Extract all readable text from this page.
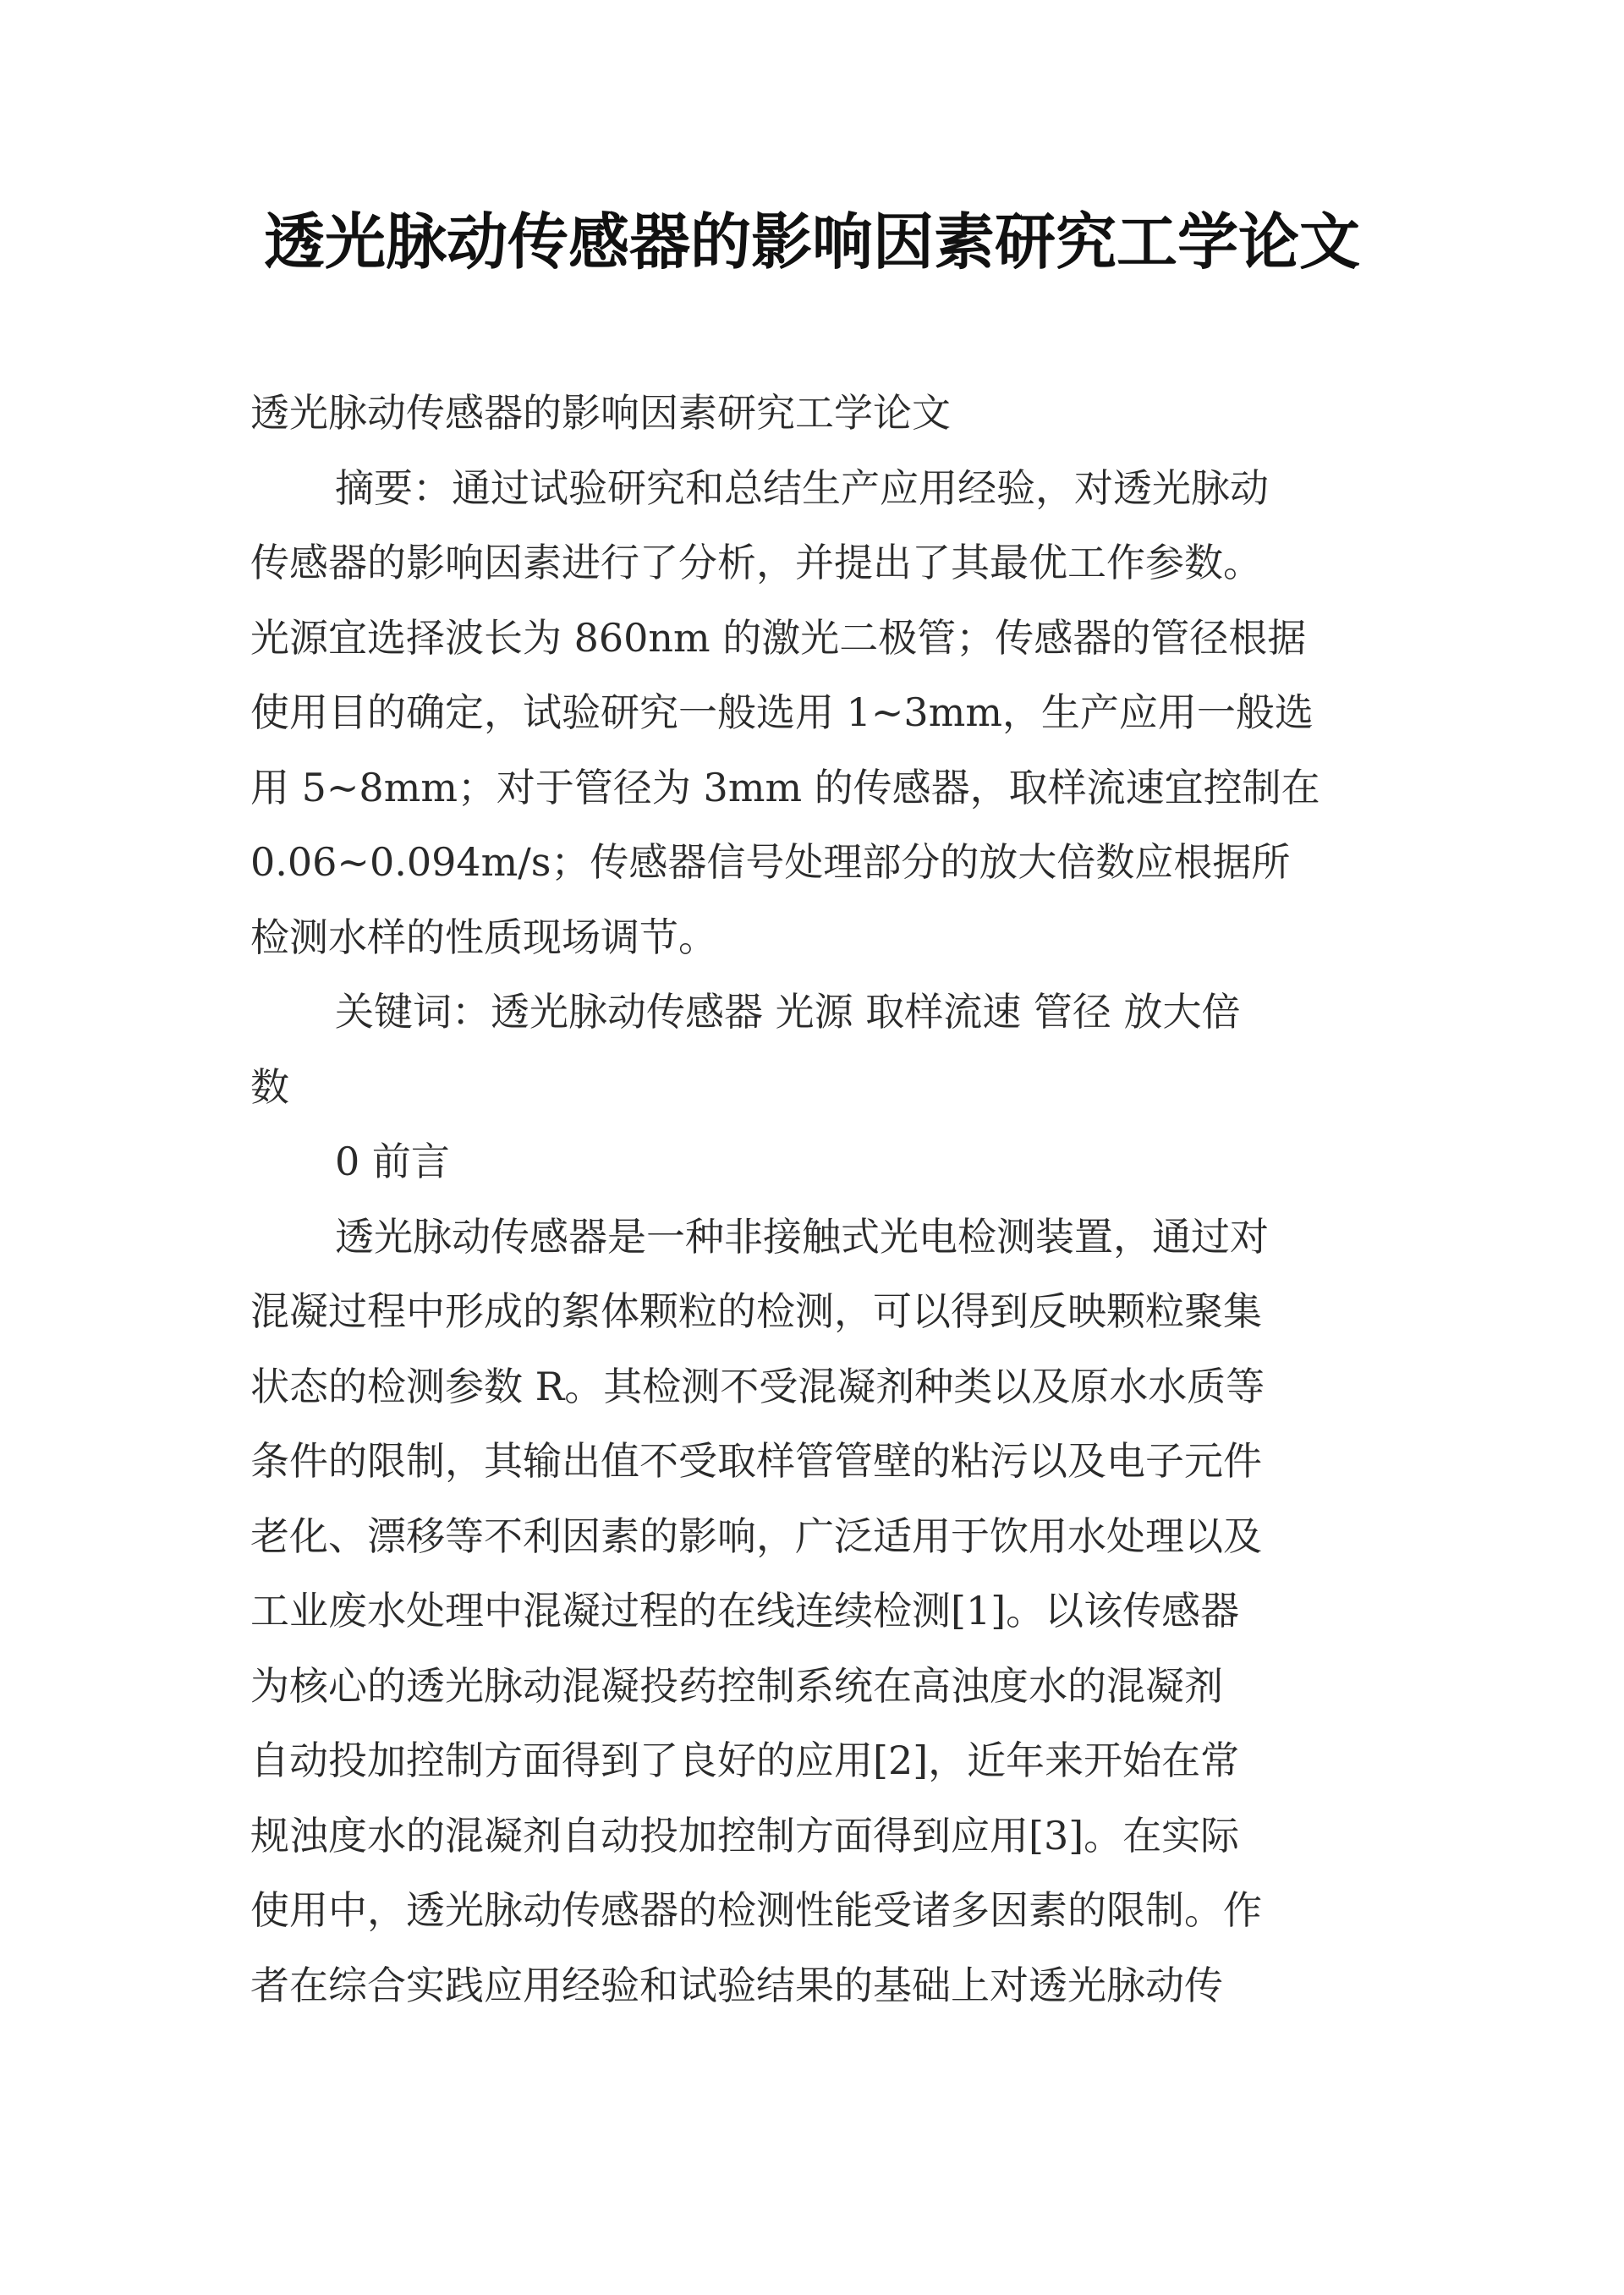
透光脉动传感器的影响因素研究工学论文
透光脉动传感器的影响因素研究工学论文
摘要：通过试验研究和总结生产应用经验，对透光脉动
传感器的影响因素进行了分析，并提出了其最优工作参数。
光源宜选择波长为 860nm 的激光二极管；传感器的管径根据
使用目的确定，试验研究一般选用 1~3mm，生产应用一般选
用 5~8mm；对于管径为 3mm 的传感器，取样流速宜控制在
0.06~0.094m/s；传感器信号处理部分的放大倍数应根据所
检测水样的性质现场调节。
关键词：透光脉动传感器 光源 取样流速 管径 放大倍
数
0 前言
透光脉动传感器是一种非接触式光电检测装置，通过对
混凝过程中形成的絮体颗粒的检测，可以得到反映颗粒聚集
状态的检测参数 R。其检测不受混凝剂种类以及原水水质等
条件的限制，其输出值不受取样管管壁的粘污以及电子元件
老化、漂移等不利因素的影响，广泛适用于饮用水处理以及
工业废水处理中混凝过程的在线连续检测[1]。以该传感器
为核心的透光脉动混凝投药控制系统在高浊度水的混凝剂
自动投加控制方面得到了良好的应用[2]，近年来开始在常
规浊度水的混凝剂自动投加控制方面得到应用[3]。在实际
使用中，透光脉动传感器的检测性能受诸多因素的限制。作
者在综合实践应用经验和试验结果的基础上对透光脉动传
